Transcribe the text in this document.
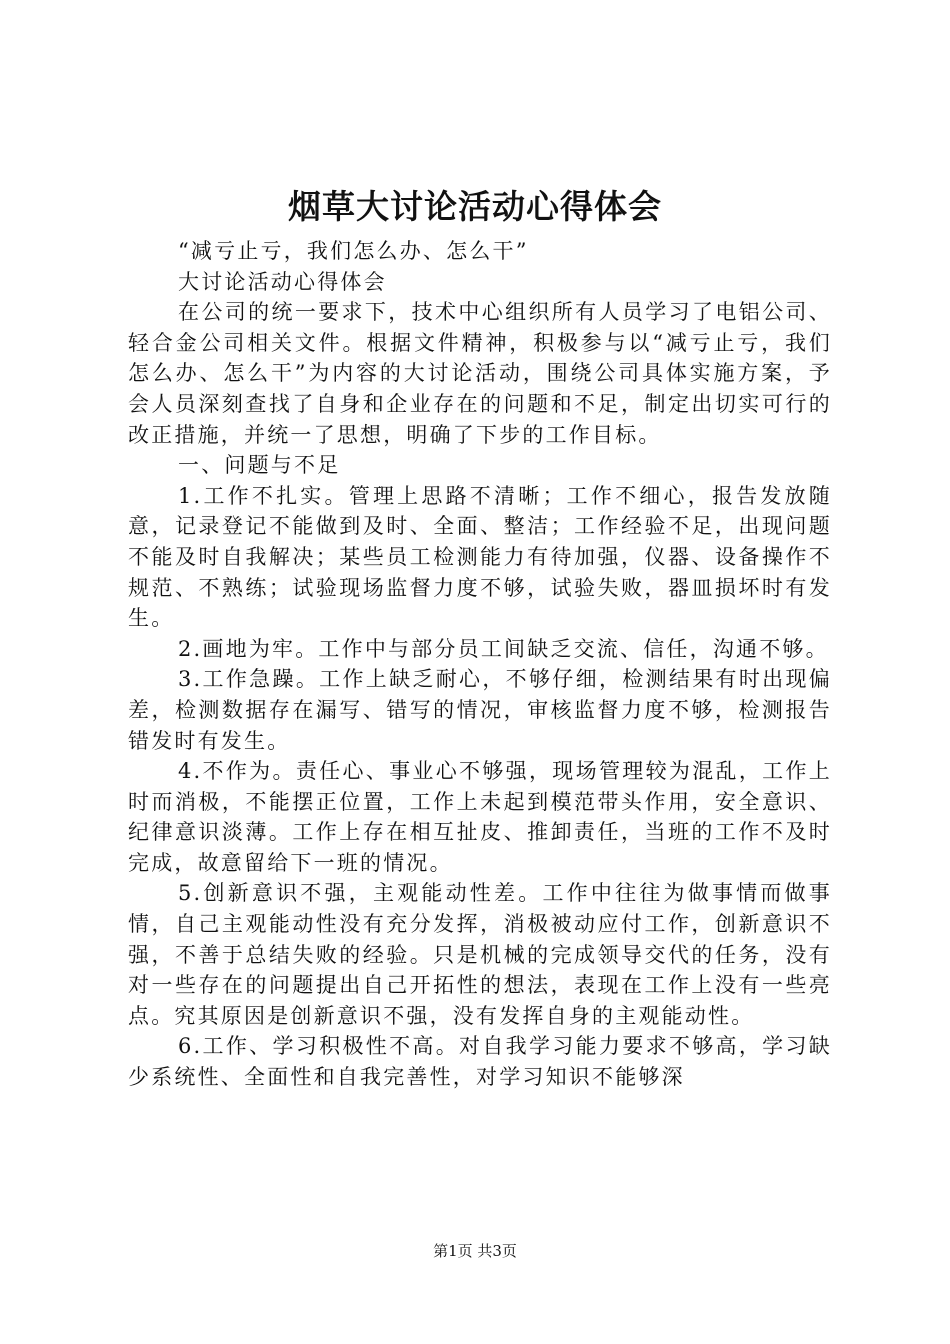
烟草大讨论活动心得体会

“减亏止亏，我们怎么办、怎么干”

大讨论活动心得体会

在公司的统一要求下，技术中心组织所有人员学习了电铝公司、轻合金公司相关文件。根据文件精神，积极参与以“减亏止亏，我们怎么办、怎么干”为内容的大讨论活动，围绕公司具体实施方案，予会人员深刻查找了自身和企业存在的问题和不足，制定出切实可行的改正措施，并统一了思想，明确了下步的工作目标。

一、问题与不足

1.工作不扎实。管理上思路不清晰；工作不细心，报告发放随意，记录登记不能做到及时、全面、整洁；工作经验不足，出现问题不能及时自我解决；某些员工检测能力有待加强，仪器、设备操作不规范、不熟练；试验现场监督力度不够，试验失败，器皿损坏时有发生。

2.画地为牢。工作中与部分员工间缺乏交流、信任，沟通不够。

3.工作急躁。工作上缺乏耐心，不够仔细，检测结果有时出现偏差，检测数据存在漏写、错写的情况，审核监督力度不够，检测报告错发时有发生。

4.不作为。责任心、事业心不够强，现场管理较为混乱，工作上时而消极，不能摆正位置，工作上未起到模范带头作用，安全意识、纪律意识淡薄。工作上存在相互扯皮、推卸责任，当班的工作不及时完成，故意留给下一班的情况。

5.创新意识不强，主观能动性差。工作中往往为做事情而做事情，自己主观能动性没有充分发挥，消极被动应付工作，创新意识不强，不善于总结失败的经验。只是机械的完成领导交代的任务，没有对一些存在的问题提出自己开拓性的想法，表现在工作上没有一些亮点。究其原因是创新意识不强，没有发挥自身的主观能动性。

6.工作、学习积极性不高。对自我学习能力要求不够高，学习缺少系统性、全面性和自我完善性，对学习知识不能够深

第1页 共3页
